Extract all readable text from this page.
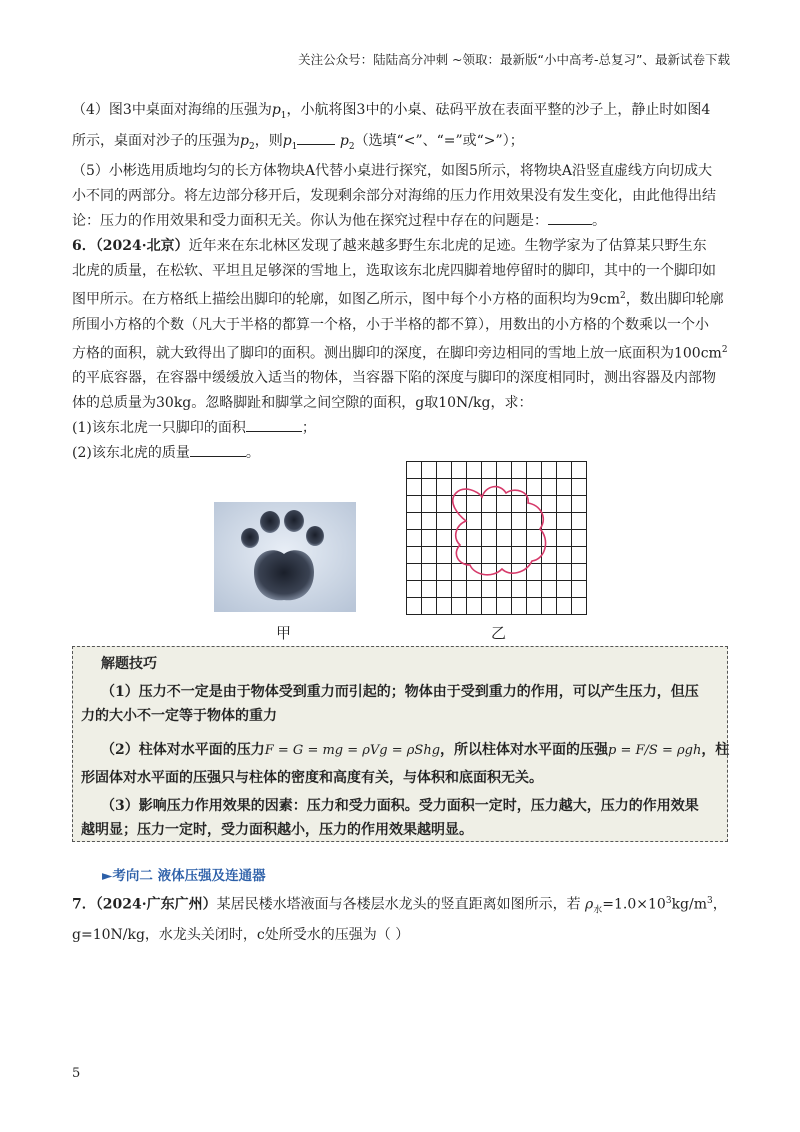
关注公众号：陆陆高分冲刺 ~领取：最新版“小中高考-总复习”、最新试卷下载
（4）图3中桌面对海绵的压强为$p_1$，小航将图3中的小桌、砝码平放在表面平整的沙子上，静止时如图4
所示，桌面对沙子的压强为$p_2$，则$p_1$	$p_2$（选填“<”、“=”或“>”）；
（5）小彬选用质地均匀的长方体物块A代替小桌进行探究，如图5所示，将物块A沿竖直虚线方向切成大
小不同的两部分。将左边部分移开后，发现剩余部分对海绵的压力作用效果没有发生变化，由此他得出结
论：压力的作用效果和受力面积无关。你认为他在探究过程中存在的问题是：	。
6．（2024·北京）近年来在东北林区发现了越来越多野生东北虎的足迹。生物学家为了估算某只野生东
北虎的质量，在松软、平坦且足够深的雪地上，选取该东北虎四脚着地停留时的脚印，其中的一个脚印如
图甲所示。在方格纸上描绘出脚印的轮廓，如图乙所示，图中每个小方格的面积均为$9cm^2$，数出脚印轮廓
所围小方格的个数（凡大于半格的都算一个格，小于半格的都不算），用数出的小方格的个数乘以一个小
方格的面积，就大致得出了脚印的面积。测出脚印的深度，在脚印旁边相同的雪地上放一底面积为$100cm^2$
的平底容器，在容器中缓缓放入适当的物体，当容器下陷的深度与脚印的深度相同时，测出容器及内部物
体的总质量为30kg。忽略脚趾和脚掌之间空隙的面积，g取10N/kg，求：
(1)该东北虎一只脚印的面积	；
(2)该东北虎的质量	。
甲	乙
解题技巧
（1）压力不一定是由于物体受到重力而引起的；物体由于受到重力的作用，可以产生压力，但压
力的大小不一定等于物体的重力
（2）柱体对水平面的压力F = G = mg = ρVg = ρShg，所以柱体对水平面的压强p = F/S = ρgh，柱
形固体对水平面的压强只与柱体的密度和高度有关，与体积和底面积无关。
（3）影响压力作用效果的因素：压力和受力面积。受力面积一定时，压力越大，压力的作用效果
越明显；压力一定时，受力面积越小，压力的作用效果越明显。
►考向二 液体压强及连通器
7．（2024·广东广州）某居民楼水塔液面与各楼层水龙头的竖直距离如图所示，若 $\rho_水=1.0\times 10^3kg/m^3$，
g=10N/kg，水龙头关闭时，c处所受水的压强为（ ）
5
